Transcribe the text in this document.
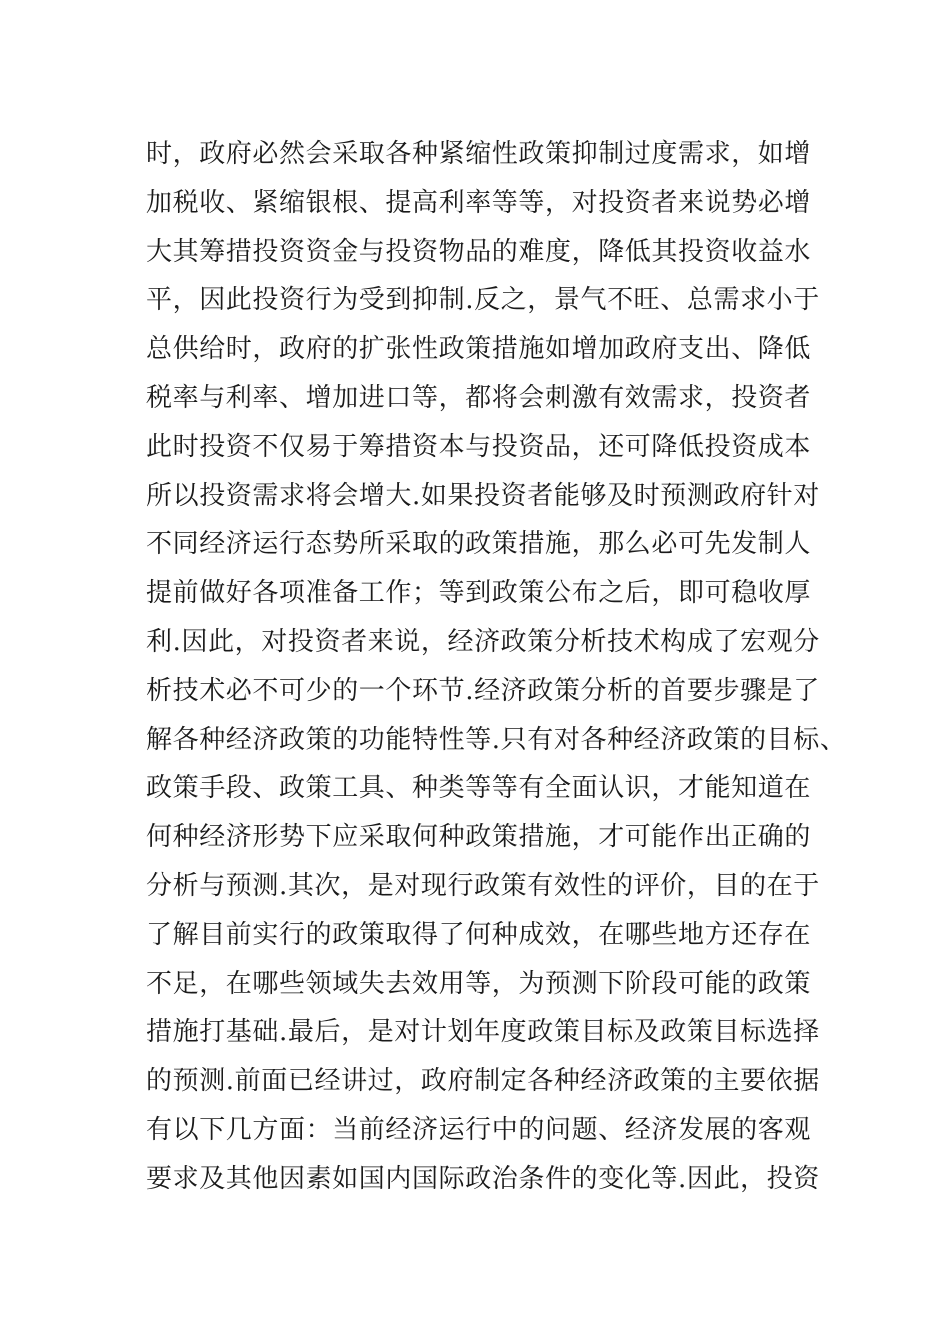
时，政府必然会采取各种紧缩性政策抑制过度需求，如增
加税收、紧缩银根、提高利率等等，对投资者来说势必增
大其筹措投资资金与投资物品的难度，降低其投资收益水
平，因此投资行为受到抑制.反之，景气不旺、总需求小于
总供给时，政府的扩张性政策措施如增加政府支出、降低
税率与利率、增加进口等，都将会刺激有效需求，投资者
此时投资不仅易于筹措资本与投资品，还可降低投资成本
所以投资需求将会增大.如果投资者能够及时预测政府针对
不同经济运行态势所采取的政策措施，那么必可先发制人
提前做好各项准备工作；等到政策公布之后，即可稳收厚
利.因此，对投资者来说，经济政策分析技术构成了宏观分
析技术必不可少的一个环节.经济政策分析的首要步骤是了
解各种经济政策的功能特性等.只有对各种经济政策的目标、
政策手段、政策工具、种类等等有全面认识，才能知道在
何种经济形势下应采取何种政策措施，才可能作出正确的
分析与预测.其次，是对现行政策有效性的评价，目的在于
了解目前实行的政策取得了何种成效，在哪些地方还存在
不足，在哪些领域失去效用等，为预测下阶段可能的政策
措施打基础.最后，是对计划年度政策目标及政策目标选择
的预测.前面已经讲过，政府制定各种经济政策的主要依据
有以下几方面：当前经济运行中的问题、经济发展的客观
要求及其他因素如国内国际政治条件的变化等.因此，投资
